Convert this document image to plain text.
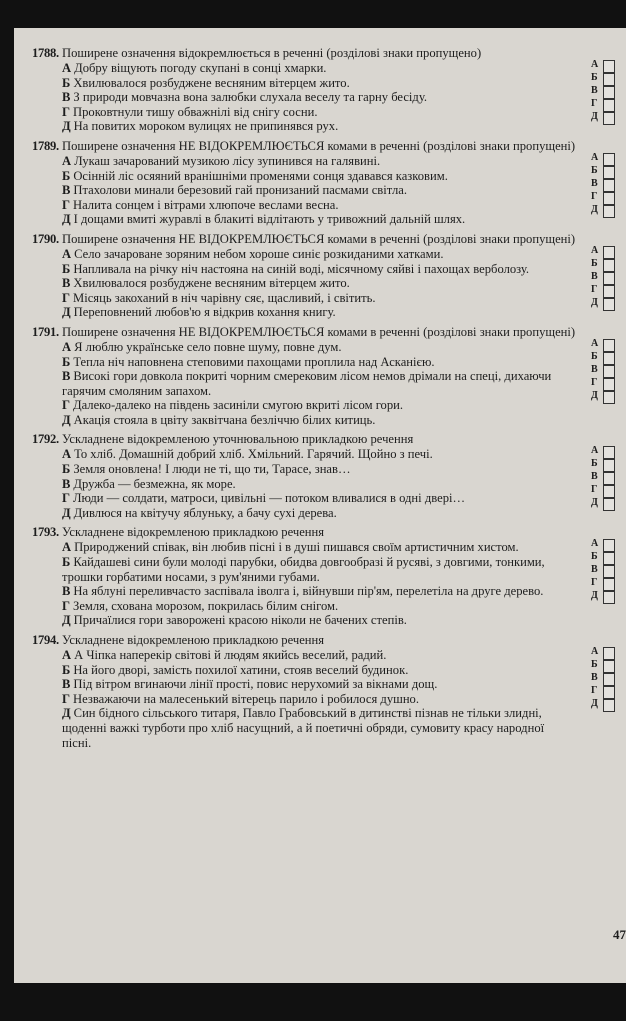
1788. Поширене означення відокремлюється в реченні (розділові знаки пропущено)
А Добру віщують погоду скупані в сонці хмарки.
Б Хвилювалося розбуджене весняним вітерцем жито.
В З природи мовчазна вона залюбки слухала веселу та гарну бесіду.
Г Проковтнули тишу обважнілі від снігу сосни.
Д На повитих мороком вулицях не припинявся рух.
А
Б
В
Г
Д
1789. Поширене означення НЕ ВІДОКРЕМЛЮЄТЬСЯ комами в реченні (розділові знаки пропущені)
А Лукаш зачарований музикою лісу зупинився на галявині.
Б Осінній ліс осяяний вранішніми променями сонця здавався казковим.
В Птахолови минали березовий гай пронизаний пасмами світла.
Г Налита сонцем і вітрами хлюпоче веслами весна.
Д І дощами вмиті журавлі в блакиті відлітають у тривожний дальній шлях.
А
Б
В
Г
Д
1790. Поширене означення НЕ ВІДОКРЕМЛЮЄТЬСЯ комами в реченні (розділові знаки пропущені)
А Село зачароване зоряним небом хороше синіє розкиданими хатками.
Б Напливала на річку ніч настояна на синій воді, місячному сяйві і пахощах верболозу.
В Хвилювалося розбуджене весняним вітерцем жито.
Г Місяць закоханий в ніч чарівну сяє, щасливий, і світить.
Д Переповнений любов'ю я відкрив кохання книгу.
А
Б
В
Г
Д
1791. Поширене означення НЕ ВІДОКРЕМЛЮЄТЬСЯ комами в реченні (розділові знаки пропущені)
А Я люблю українське село повне шуму, повне дум.
Б Тепла ніч наповнена степовими пахощами проплила над Асканією.
В Високі гори довкола покриті чорним смерековим лісом немов дрімали на спеці, дихаючи гарячим смоляним запахом.
Г Далеко-далеко на південь засиніли смугою вкриті лісом гори.
Д Акація стояла в цвіту заквітчана безліччю білих китиць.
А
Б
В
Г
Д
1792. Ускладнене відокремленою уточнювальною прикладкою речення
А То хліб. Домашній добрий хліб. Хмільний. Гарячий. Щойно з печі.
Б Земля оновлена! І люди не ті, що ти, Тарасе, знав…
В Дружба — безмежна, як море.
Г Люди — солдати, матроси, цивільні — потоком вливалися в одні двері…
Д Дивлюся на квітучу яблуньку, а бачу сухі дерева.
А
Б
В
Г
Д
1793. Ускладнене відокремленою прикладкою речення
А Природжений співак, він любив пісні і в душі пишався своїм артистичним хистом.
Б Кайдашеві сини були молоді парубки, обидва довгообразі й русяві, з довгими, тонкими, трошки горбатими носами, з рум'яними губами.
В На яблуні переливчасто заспівала іволга і, війнувши пір'ям, перелетіла на друге дерево.
Г Земля, схована морозом, покрилась білим снігом.
Д Причаїлися гори заворожені красою ніколи не бачених степів.
А
Б
В
Г
Д
1794. Ускладнене відокремленою прикладкою речення
А А Чіпка наперекір світові й людям якийсь веселий, радий.
Б На його дворі, замість похилої хатини, стояв веселий будинок.
В Під вітром вгинаючи лінії прості, повис нерухомий за вікнами дощ.
Г Незважаючи на малесенький вітерець парило і робилося душно.
Д Син бідного сільського титаря, Павло Грабовський в дитинстві пізнав не тільки злидні, щоденні важкі турботи про хліб насущний, а й поетичні обряди, сумовиту красу народної пісні.
А
Б
В
Г
Д
47
